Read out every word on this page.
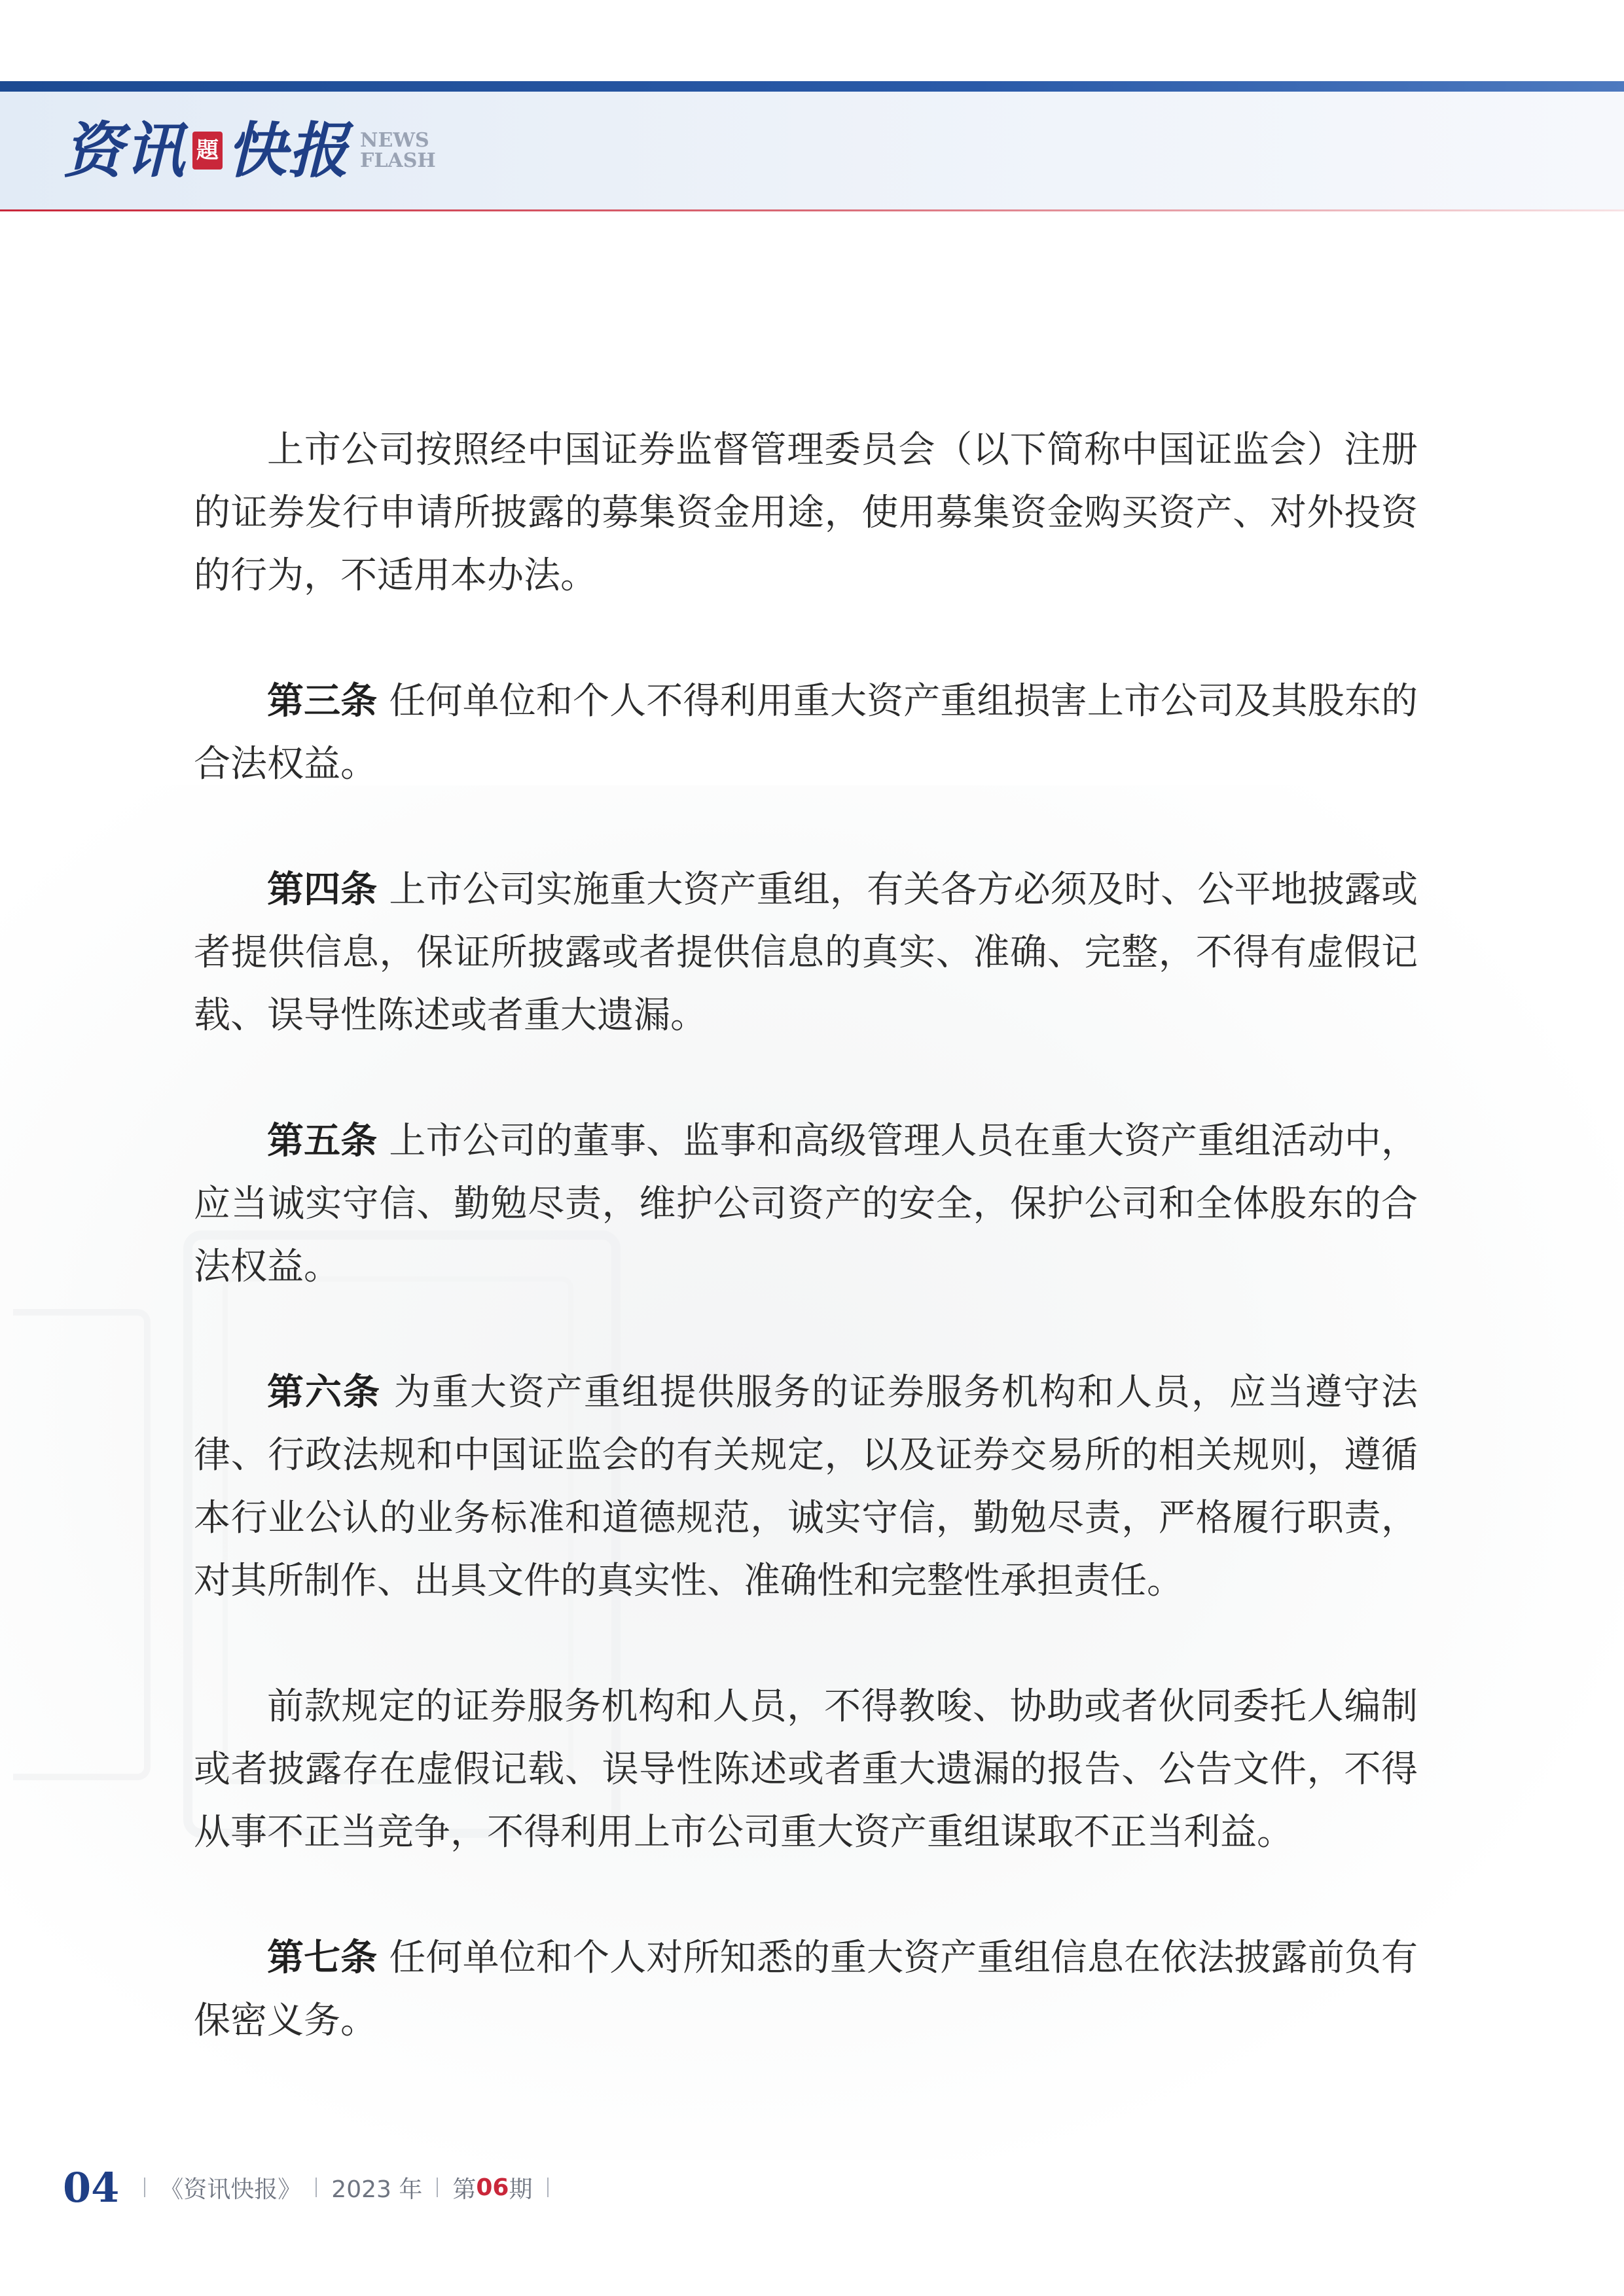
资讯 題 快报 NEWS
FLASH

上市公司按照经中国证券监督管理委员会（以下简称中国证监会）注册的证券发行申请所披露的募集资金用途，使用募集资金购买资产、对外投资的行为，不适用本办法。

第三条 任何单位和个人不得利用重大资产重组损害上市公司及其股东的合法权益。

第四条 上市公司实施重大资产重组，有关各方必须及时、公平地披露或者提供信息，保证所披露或者提供信息的真实、准确、完整，不得有虚假记载、误导性陈述或者重大遗漏。

第五条 上市公司的董事、监事和高级管理人员在重大资产重组活动中，应当诚实守信、勤勉尽责，维护公司资产的安全，保护公司和全体股东的合法权益。

第六条 为重大资产重组提供服务的证券服务机构和人员，应当遵守法律、行政法规和中国证监会的有关规定，以及证券交易所的相关规则，遵循本行业公认的业务标准和道德规范，诚实守信，勤勉尽责，严格履行职责，对其所制作、出具文件的真实性、准确性和完整性承担责任。

前款规定的证券服务机构和人员，不得教唆、协助或者伙同委托人编制或者披露存在虚假记载、误导性陈述或者重大遗漏的报告、公告文件，不得从事不正当竞争，不得利用上市公司重大资产重组谋取不正当利益。

第七条 任何单位和个人对所知悉的重大资产重组信息在依法披露前负有保密义务。

04 《资讯快报》 2023 年 第 06 期
